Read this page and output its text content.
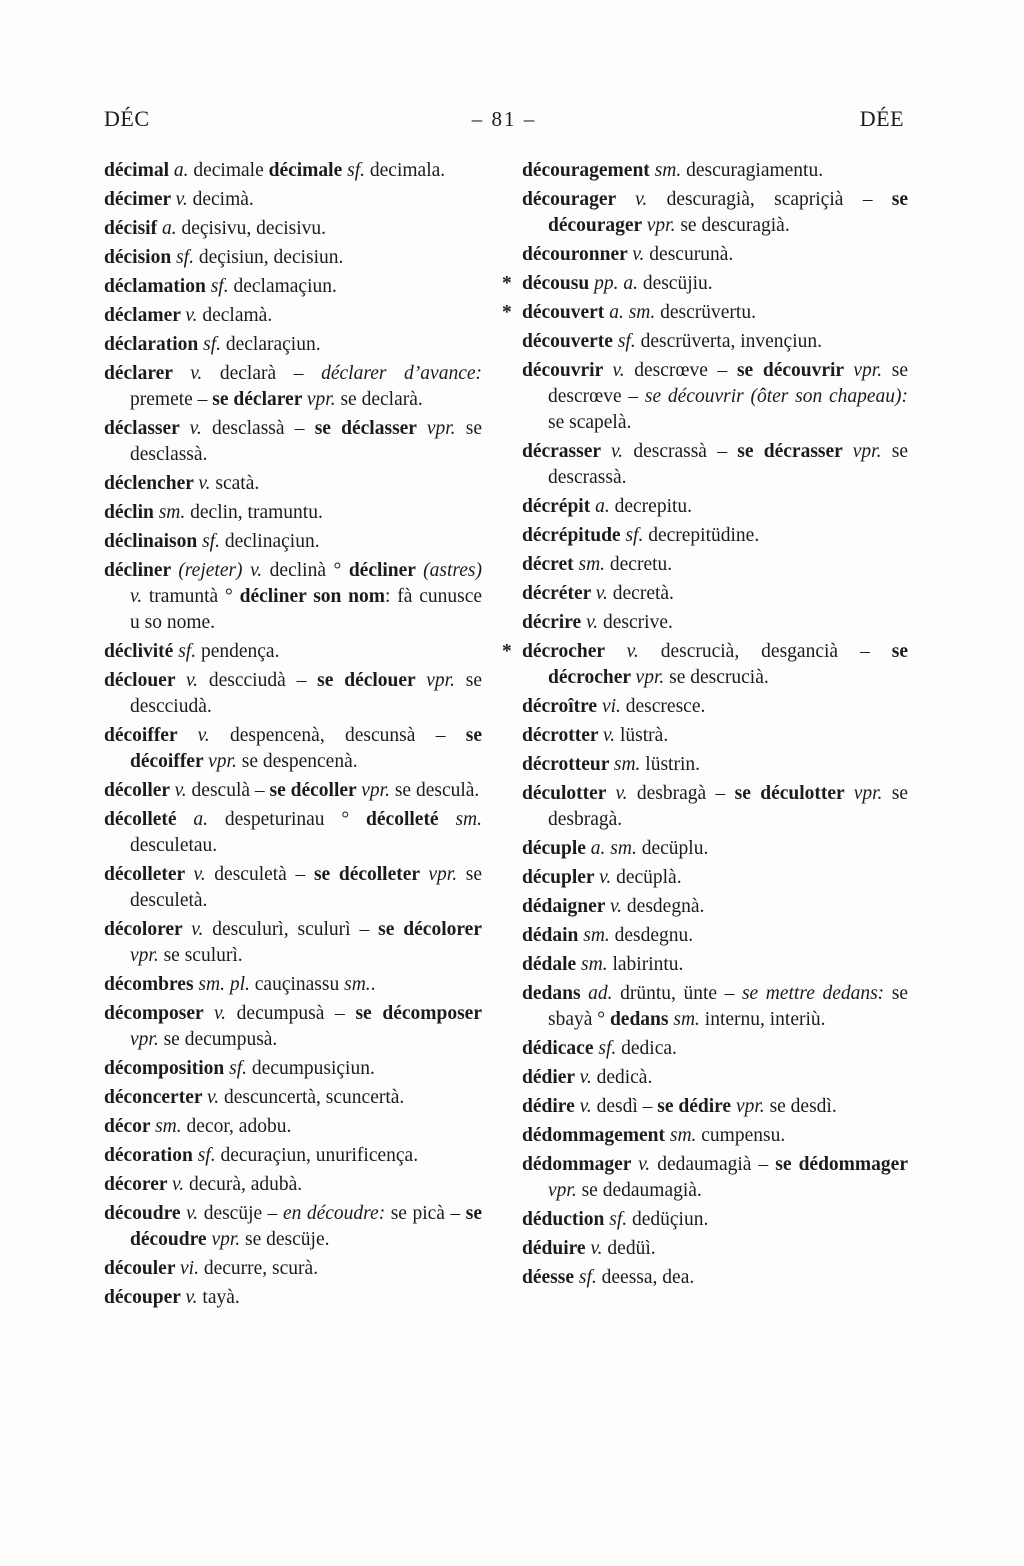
DÉC	– 81 –	DÉE

décimal a. decimale décimale sf. decimala.

décimer v. decimà.

décisif a. deçisivu, decisivu.

décision sf. deçisiun, decisiun.

déclamation sf. declamaçiun.

déclamer v. declamà.

déclaration sf. declaraçiun.

déclarer v. declarà – déclarer d’avance: premete – se déclarer vpr. se declarà.

déclasser v. desclassà – se déclasser vpr. se desclassà.

déclencher v. scatà.

déclin sm. declin, tramuntu.

déclinaison sf. declinaçiun.

décliner (rejeter) v. declinà ° décliner (astres) v. tramuntà ° décliner son nom: fà cunusce u so nome.

déclivité sf. pendença.

déclouer v. descciudà – se déclouer vpr. se descciudà.

décoiffer v. despencenà, descunsà – se décoiffer vpr. se despencenà.

décoller v. desculà – se décoller vpr. se desculà.

décolleté a. despeturinau ° décolleté sm. desculetau.

décolleter v. desculetà – se décolleter vpr. se desculetà.

décolorer v. desculurì, sculurì – se décolorer vpr. se sculurì.

décombres sm. pl. cauçinassu sm..

décomposer v. decumpusà – se décomposer vpr. se decumpusà.

décomposition sf. decumpusiçiun.

déconcerter v. descuncertà, scuncertà.

décor sm. decor, adobu.

décoration sf. decuraçiun, unurificença.

décorer v. decurà, adubà.

découdre v. descüje – en découdre: se picà – se découdre vpr. se descüje.

découler vi. decurre, scurà.

découper v. tayà.

découragement sm. descuragiamentu.

décourager v. descuragià, scapriçià – se décourager vpr. se descuragià.

découronner v. descurunà.

* décousu pp. a. descüjiu.

* découvert a. sm. descrüvertu.

découverte sf. descrüverta, invençiun.

découvrir v. descrœve – se découvrir vpr. se descrœve – se découvrir (ôter son chapeau): se scapelà.

décrasser v. descrassà – se décrasser vpr. se descrassà.

décrépit a. decrepitu.

décrépitude sf. decrepitüdine.

décret sm. decretu.

décréter v. decretà.

décrire v. descrive.

* décrocher v. descrucià, desgancià – se décrocher vpr. se descrucià.

décroître vi. descresce.

décrotter v. lüstrà.

décrotteur sm. lüstrin.

déculotter v. desbragà – se déculotter vpr. se desbragà.

décuple a. sm. decüplu.

décupler v. decüplà.

dédaigner v. desdegnà.

dédain sm. desdegnu.

dédale sm. labirintu.

dedans ad. drüntu, ünte – se mettre dedans: se sbayà ° dedans sm. internu, interiù.

dédicace sf. dedica.

dédier v. dedicà.

dédire v. desdì – se dédire vpr. se desdì.

dédommagement sm. cumpensu.

dédommager v. dedaumagià – se dédommager vpr. se dedaumagià.

déduction sf. dedüçiun.

déduire v. dedüì.

déesse sf. deessa, dea.
